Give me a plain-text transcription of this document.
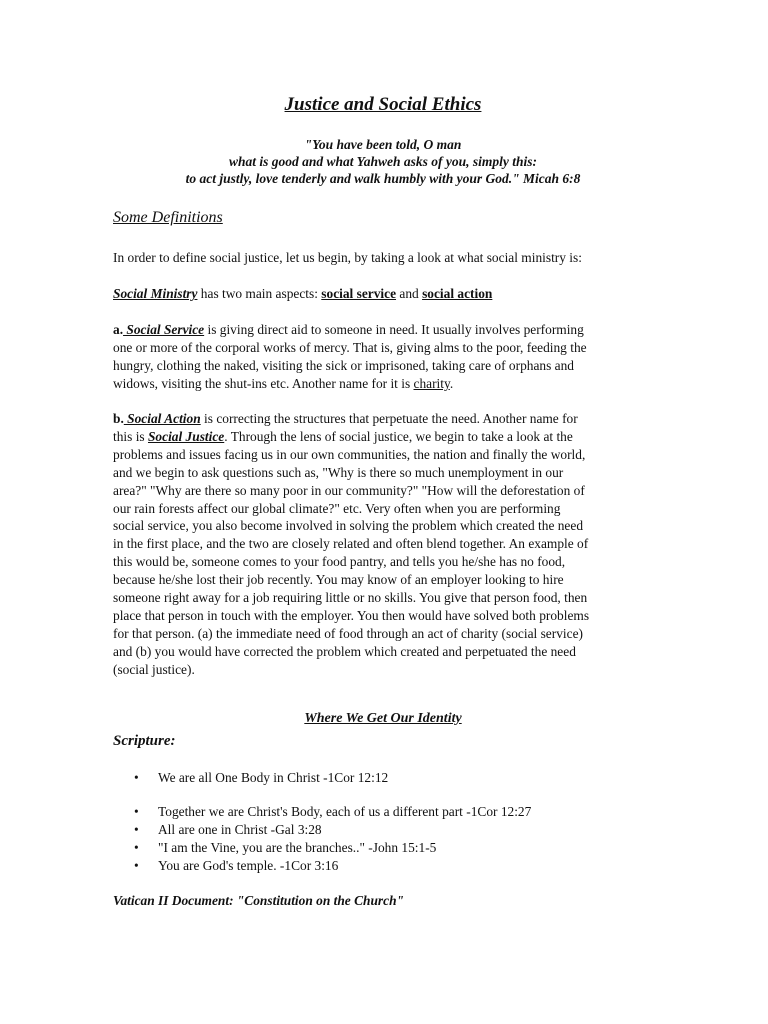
Justice and Social Ethics
"You have been told, O man
what is good and what Yahweh asks of you, simply this:
to act justly, love tenderly and walk humbly with your God." Micah 6:8
Some Definitions
In order to define social justice, let us begin, by taking a look at what social ministry is:
Social Ministry has two main aspects: social service and social action
a. Social Service is giving direct aid to someone in need. It usually involves performing
one or more of the corporal works of mercy. That is, giving alms to the poor, feeding the
hungry, clothing the naked, visiting the sick or imprisoned, taking care of orphans and
widows, visiting the shut-ins etc. Another name for it is charity.
b. Social Action is correcting the structures that perpetuate the need. Another name for
this is Social Justice. Through the lens of social justice, we begin to take a look at the
problems and issues facing us in our own communities, the nation and finally the world,
and we begin to ask questions such as, "Why is there so much unemployment in our
area?" "Why are there so many poor in our community?" "How will the deforestation of
our rain forests affect our global climate?" etc. Very often when you are performing
social service, you also become involved in solving the problem which created the need
in the first place, and the two are closely related and often blend together. An example of
this would be, someone comes to your food pantry, and tells you he/she has no food,
because he/she lost their job recently. You may know of an employer looking to hire
someone right away for a job requiring little or no skills. You give that person food, then
place that person in touch with the employer. You then would have solved both problems
for that person. (a) the immediate need of food through an act of charity (social service)
and (b) you would have corrected the problem which created and perpetuated the need
(social justice).
Where We Get Our Identity
Scripture:
• We are all One Body in Christ -1Cor 12:12
• Together we are Christ's Body, each of us a different part -1Cor 12:27
• All are one in Christ -Gal 3:28
• "I am the Vine, you are the branches.." -John 15:1-5
• You are God's temple. -1Cor 3:16
Vatican II Document: "Constitution on the Church"
